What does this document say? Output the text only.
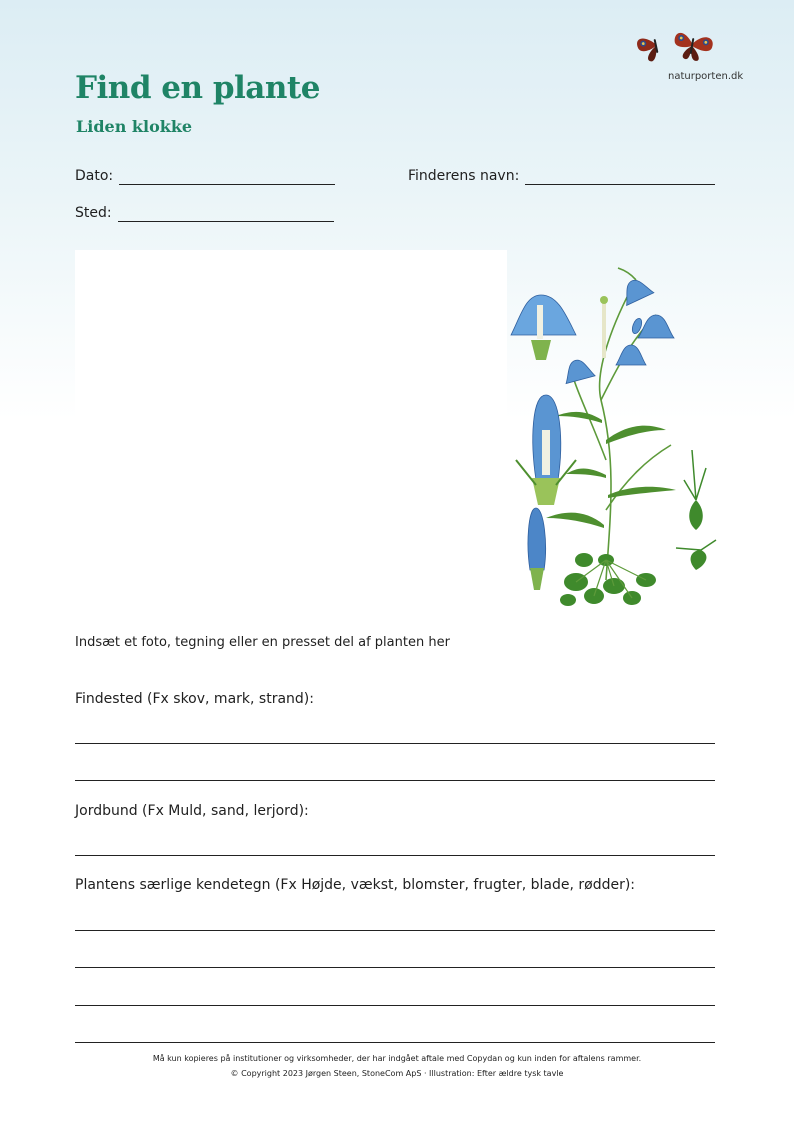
Find en plante
Liden klokke
naturporten.dk
Dato:	Finderens navn:
Sted:
Indsæt et foto, tegning eller en presset del af planten her
Findested (Fx skov, mark, strand):
Jordbund (Fx Muld, sand, lerjord):
Plantens særlige kendetegn (Fx Højde, vækst, blomster, frugter, blade, rødder):
Må kun kopieres på institutioner og virksomheder, der har indgået aftale med Copydan og kun inden for aftalens rammer.
© Copyright 2023 Jørgen Steen, StoneCom ApS · Illustration: Efter ældre tysk tavle
